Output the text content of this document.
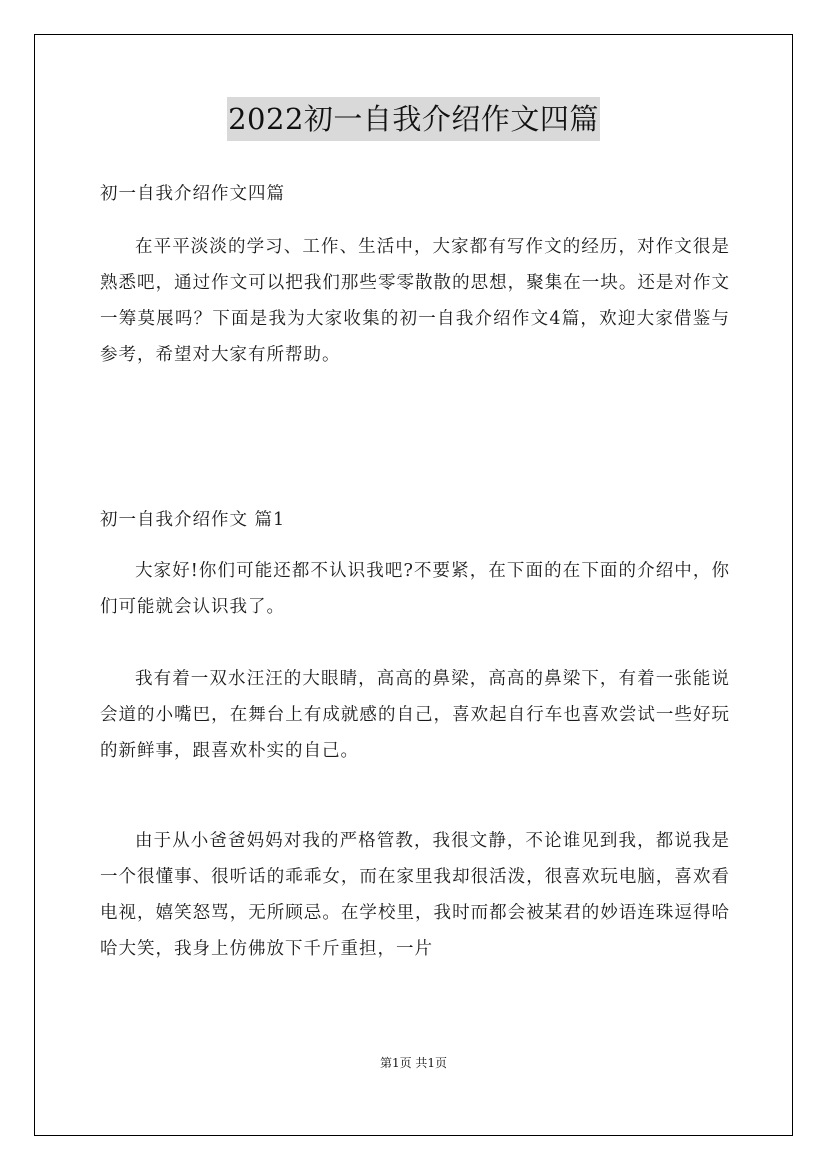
2022初一自我介绍作文四篇
初一自我介绍作文四篇

在平平淡淡的学习、工作、生活中，大家都有写作文的经历，对作文很是熟悉吧，通过作文可以把我们那些零零散散的思想，聚集在一块。还是对作文一筹莫展吗？下面是我为大家收集的初一自我介绍作文4篇，欢迎大家借鉴与参考，希望对大家有所帮助。

初一自我介绍作文 篇1

大家好!你们可能还都不认识我吧?不要紧，在下面的在下面的介绍中，你们可能就会认识我了。

我有着一双水汪汪的大眼睛，高高的鼻梁，高高的鼻梁下，有着一张能说会道的小嘴巴，在舞台上有成就感的自己，喜欢起自行车也喜欢尝试一些好玩的新鲜事，跟喜欢朴实的自己。

由于从小爸爸妈妈对我的严格管教，我很文静，不论谁见到我，都说我是一个很懂事、很听话的乖乖女，而在家里我却很活泼，很喜欢玩电脑，喜欢看电视，嬉笑怒骂，无所顾忌。在学校里，我时而都会被某君的妙语连珠逗得哈哈大笑，我身上仿佛放下千斤重担，一片

第1页 共1页
